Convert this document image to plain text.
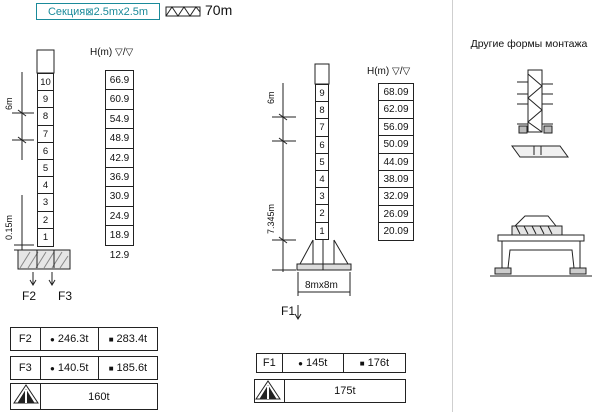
Секция⊠2.5mx2.5m	70m
Другие формы монтажа
10
9
8
7
6
5
4
3
2
1
H(m) ▽/▽
66.9
60.9
54.9
48.9
42.9
36.9
30.9
24.9
18.9
12.9
6m
0.15m
F2 F3
9
8
7
6
5
4
3
2
1
H(m) ▽/▽
68.09
62.09
56.09
50.09
44.09
38.09
32.09
26.09
20.09
6m
7.345m
8mx8m
F1
F2	● 246.3t	■ 283.4t
F3	● 140.5t	■ 185.6t
160t
F1	● 145t	■ 176t
175t
